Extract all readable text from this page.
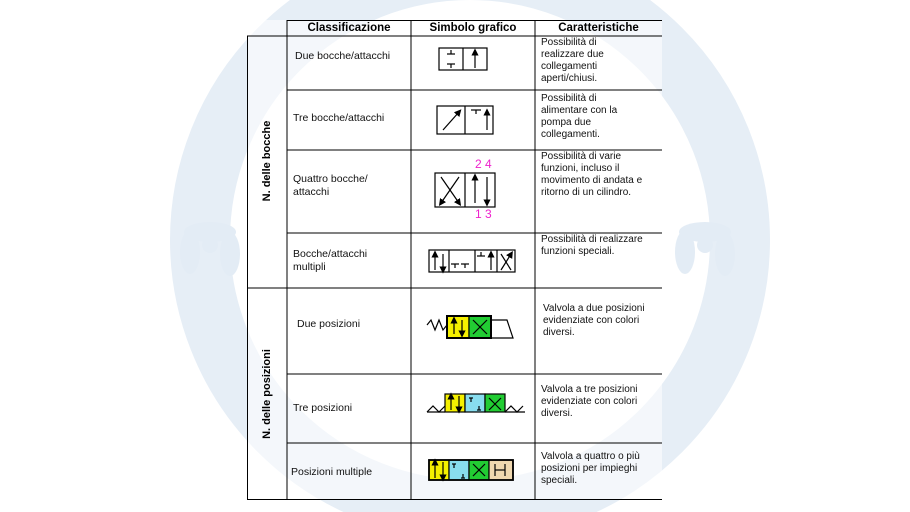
Classificazione	Simbolo grafico	Caratteristiche
N. delle bocche
N. delle posizioni
Due bocche/attacchi
Tre bocche/attacchi
Quattro bocche/ attacchi
Bocche/attacchi multipli
Due posizioni
Tre posizioni
Posizioni multiple
Possibilità di realizzare due collegamenti aperti/chiusi.
Possibilità di alimentare con la pompa due collegamenti.
Possibilità di varie funzioni, incluso il movimento di andata e ritorno di un cilindro.
Possibilità di realizzare funzioni speciali.
Valvola a due posizioni evidenziate con colori diversi.
Valvola a tre posizioni evidenziate con colori diversi.
Valvola a quattro o più posizioni per impieghi speciali.
2 4
1 3
